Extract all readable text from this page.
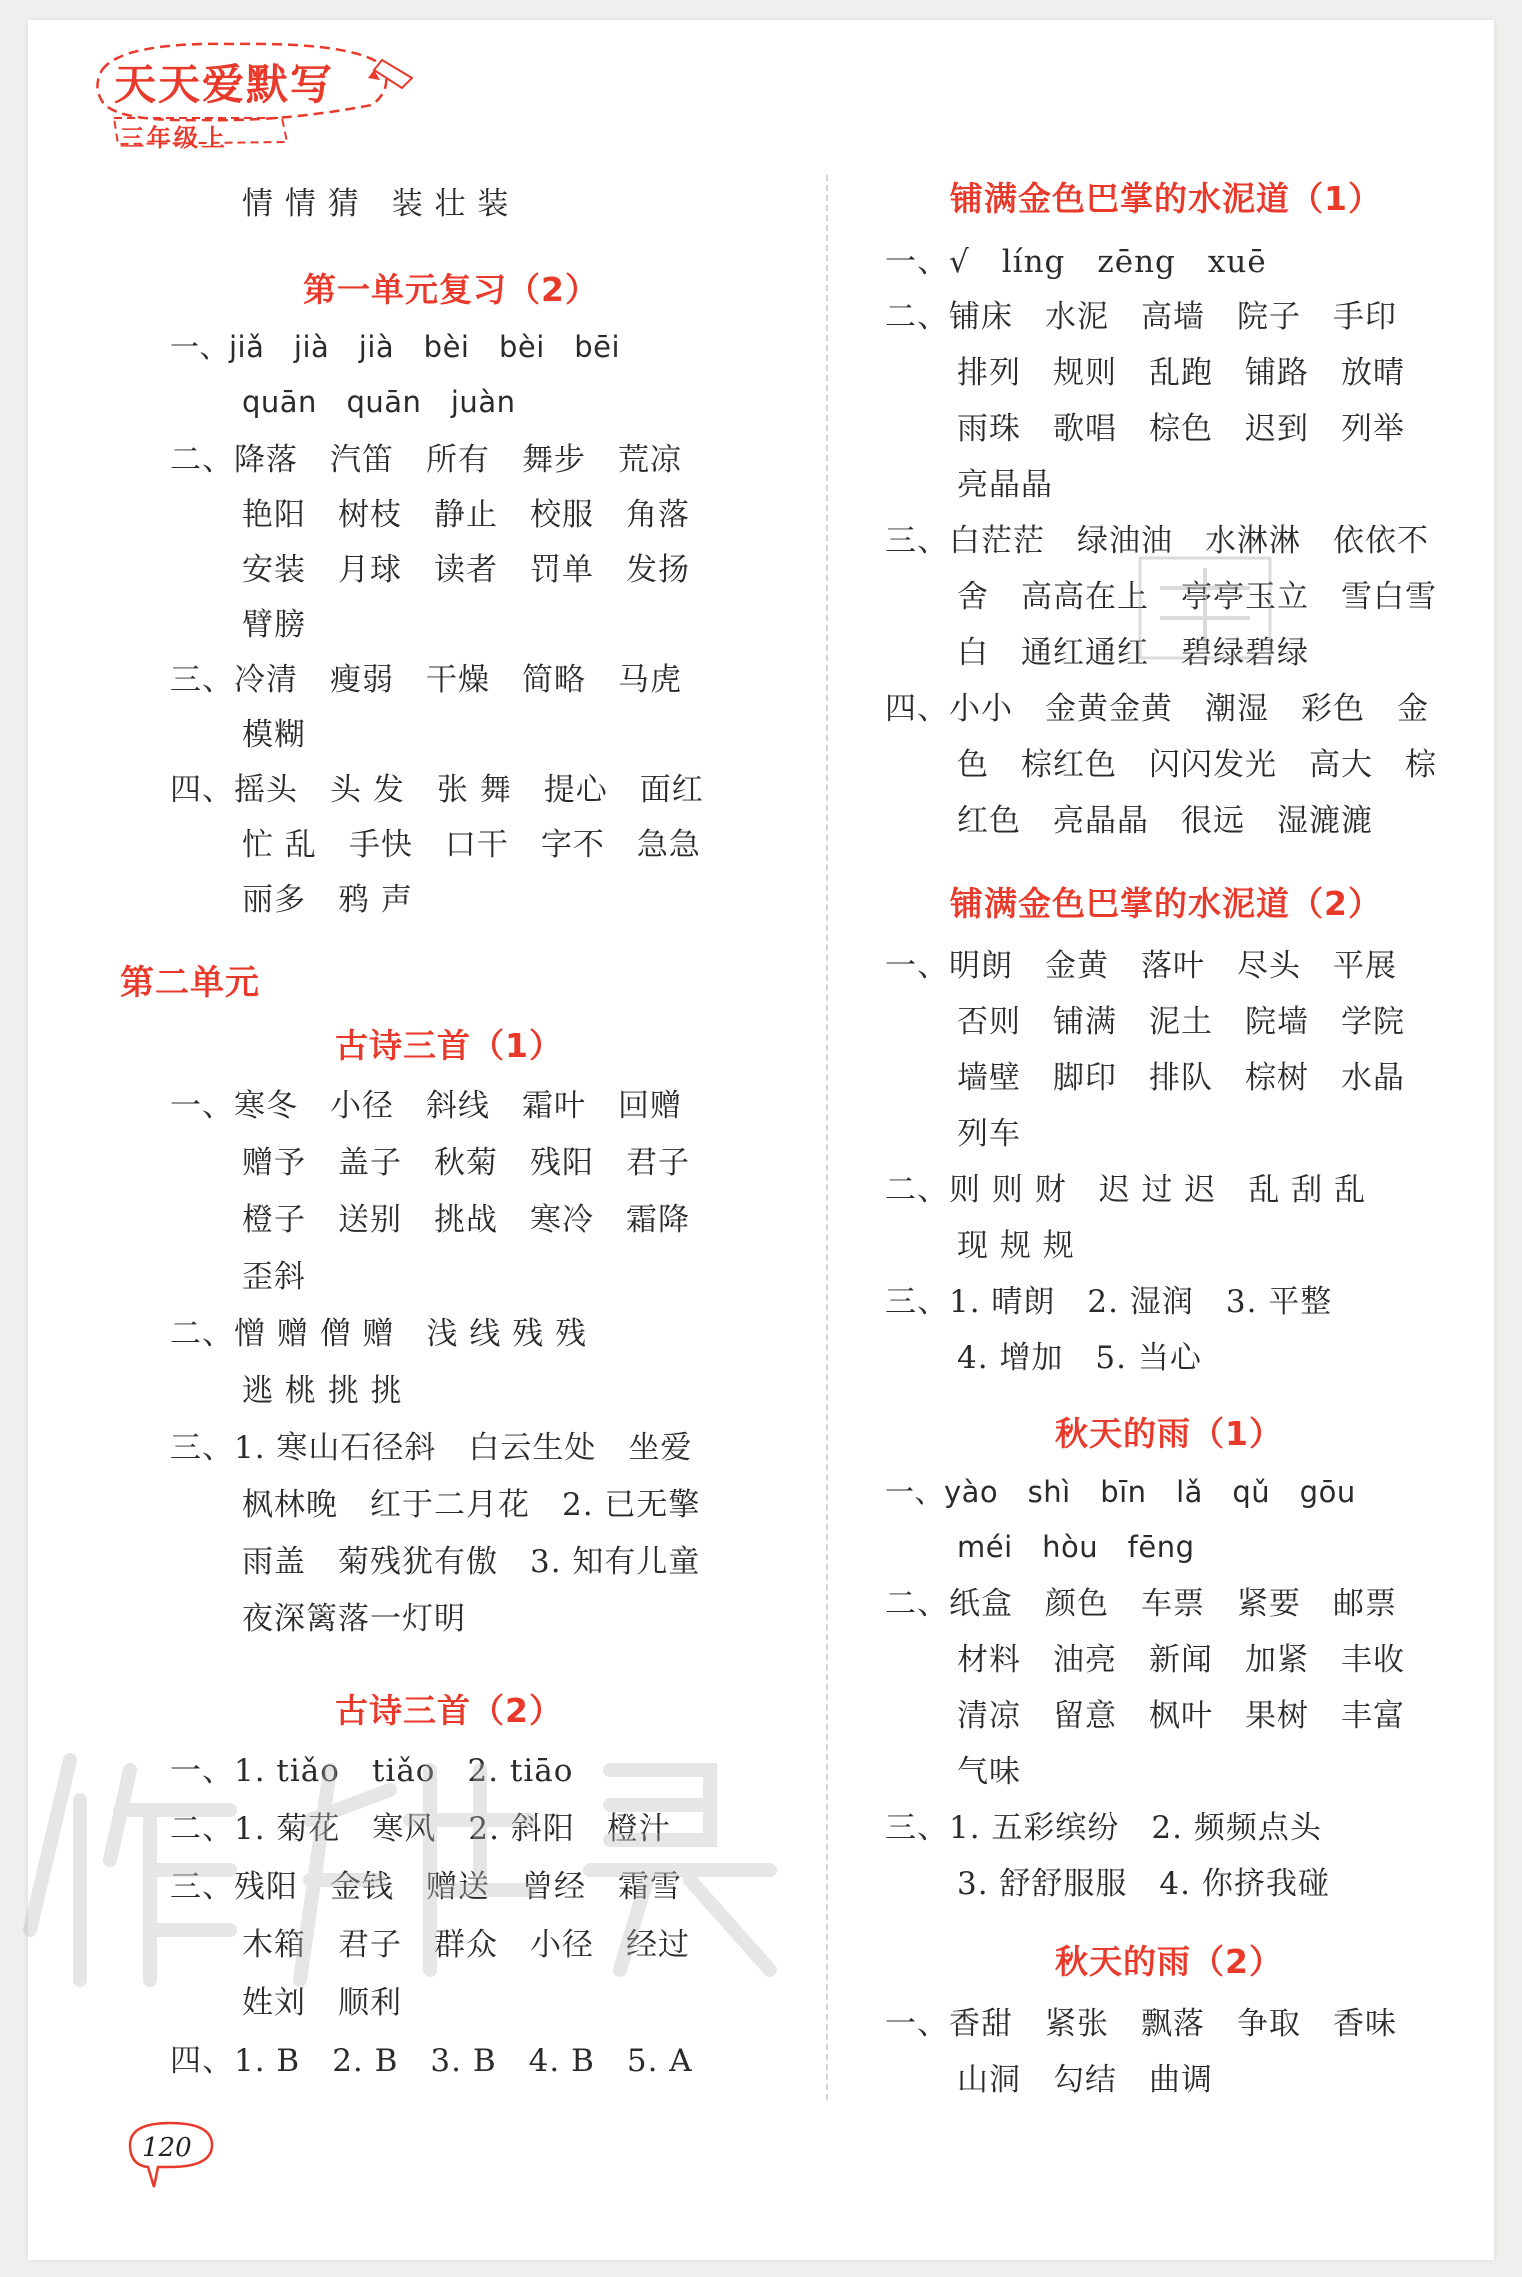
天天爱默写
三年级上
情 情 猜　装 壮 装
第一单元复习（2）
一、jiǎ　jià　jià　bèi　bèi　bēi
quān　quān　juàn
二、降落　汽笛　所有　舞步　荒凉
艳阳　树枝　静止　校服　角落
安装　月球　读者　罚单　发扬
臂膀
三、冷清　瘦弱　干燥　简略　马虎
模糊
四、摇头　头 发　张 舞　提心　面红
忙 乱　手快　口干　字不　急急
丽多　鸦 声
第二单元
古诗三首（1）
一、寒冬　小径　斜线　霜叶　回赠
赠予　盖子　秋菊　残阳　君子
橙子　送别　挑战　寒冷　霜降
歪斜
二、憎 赠 僧 赠　浅 线 残 残
逃 桃 挑 挑
三、1. 寒山石径斜　白云生处　坐爱
枫林晚　红于二月花　2. 已无擎
雨盖　菊残犹有傲　3. 知有儿童
夜深篱落一灯明
古诗三首（2）
一、1. tiǎo　tiǎo　2. tiāo
二、1. 菊花　寒风　2. 斜阳　橙汁
三、残阳　金钱　赠送　曾经　霜雪
木箱　君子　群众　小径　经过
姓刘　顺利
四、1. B　2. B　3. B　4. B　5. A
铺满金色巴掌的水泥道（1）
一、√　líng　zēng　xuē
二、铺床　水泥　高墙　院子　手印
排列　规则　乱跑　铺路　放晴
雨珠　歌唱　棕色　迟到　列举
亮晶晶
三、白茫茫　绿油油　水淋淋　依依不
舍　高高在上　亭亭玉立　雪白雪
白　通红通红　碧绿碧绿
四、小小　金黄金黄　潮湿　彩色　金
色　棕红色　闪闪发光　高大　棕
红色　亮晶晶　很远　湿漉漉
铺满金色巴掌的水泥道（2）
一、明朗　金黄　落叶　尽头　平展
否则　铺满　泥土　院墙　学院
墙壁　脚印　排队　棕树　水晶
列车
二、则 则 财　迟 过 迟　乱 刮 乱
现 规 规
三、1. 晴朗　2. 湿润　3. 平整
4. 增加　5. 当心
秋天的雨（1）
一、yào　shì　bīn　lǎ　qǔ　gōu
méi　hòu　fēng
二、纸盒　颜色　车票　紧要　邮票
材料　油亮　新闻　加紧　丰收
清凉　留意　枫叶　果树　丰富
气味
三、1. 五彩缤纷　2. 频频点头
3. 舒舒服服　4. 你挤我碰
秋天的雨（2）
一、香甜　紧张　飘落　争取　香味
山洞　勾结　曲调
120
